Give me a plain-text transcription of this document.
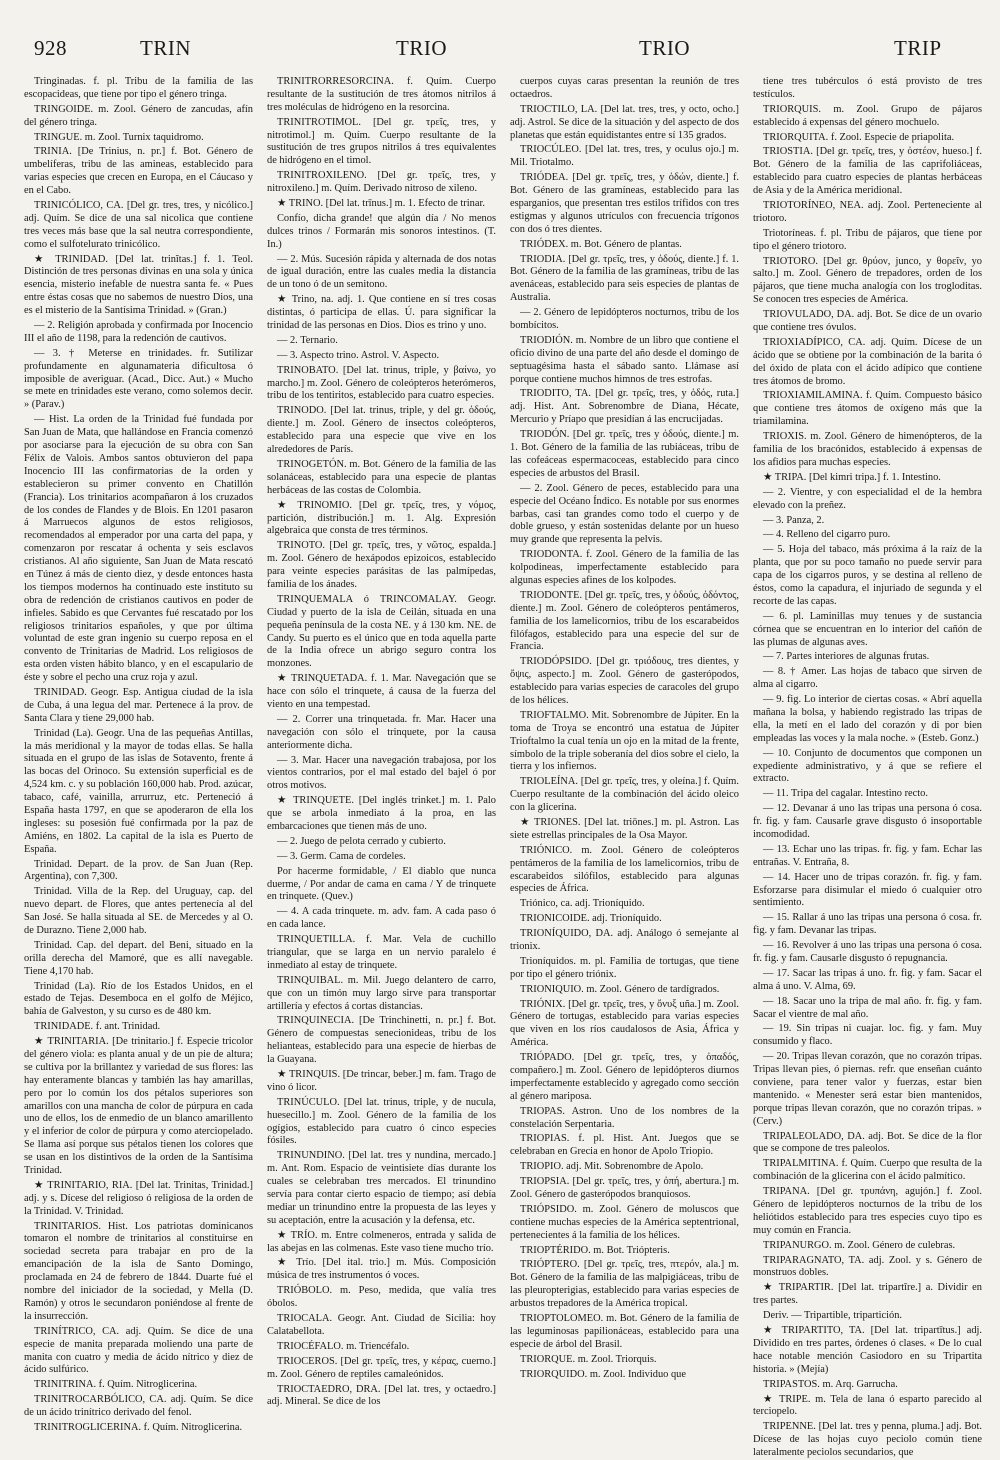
928	TRIN	TRIO	TRIO	TRIP

Tringinadas. f. pl. Tribu de la familia de las escopacideas, que tiene por tipo el género tringa.

TRINGOIDE. m. Zool. Género de zancudas, afín del género tringa.

TRINGUE. m. Zool. Turnix taquidromo.

TRINIA. [De Trinius, n. pr.] f. Bot. Género de umbelíferas, tribu de las amineas, establecido para varias especies que crecen en Europa, en el Cáucaso y en el Cabo.

TRINICÓLICO, CA. [Del gr. tres, tres, y nicólico.] adj. Quím. Se dice de una sal nicolica que contiene tres veces más base que la sal neutra correspondiente, como el sulfotelurato trinicólico.

★ TRINIDAD. [Del lat. trinĭtas.] f. 1. Teol. Distinción de tres personas divinas en una sola y única esencia, misterio inefable de nuestra santa fe. « Pues entre éstas cosas que no sabemos de nuestro Dios, una es el misterio de la Santísima Trinidad. » (Gran.)

— 2. Religión aprobada y confirmada por Inocencio III el año de 1198, para la redención de cautivos.

— 3. † Meterse en trinidades. fr. Sutilizar profundamente en algunamateria dificultosa ó imposible de averiguar. (Acad., Dicc. Aut.) « Mucho se mete en trinidades este verano, como solemos decir. » (Parav.)

— Hist. La orden de la Trinidad fué fundada por San Juan de Mata, que hallándose en Francia comenzó por asociarse para la ejecución de su obra con San Félix de Valois. Ambos santos obtuvieron del papa Inocencio III las confirmatorias de la orden y establecieron su primer convento en Chatillón (Francia). Los trinitarios acompañaron á los cruzados de los condes de Flandes y de Blois. En 1201 pasaron á Marruecos algunos de estos religiosos, recomendados al emperador por una carta del papa, y comenzaron por rescatar á ochenta y seis esclavos cristianos. Al año siguiente, San Juan de Mata rescató en Túnez á más de ciento diez, y desde entonces hasta los tiempos modernos ha continuado este instituto su obra de redención de cristianos cautivos en poder de infieles. Sabido es que Cervantes fué rescatado por los religiosos trinitarios españoles, y que por última voluntad de este gran ingenio su cuerpo reposa en el convento de Trinitarias de Madrid. Los religiosos de esta orden visten hábito blanco, y en el escapulario de éste y sobre el pecho una cruz roja y azul.

TRINIDAD. Geogr. Esp. Antigua ciudad de la isla de Cuba, á una legua del mar. Pertenece á la prov. de Santa Clara y tiene 29,000 hab.

Trinidad (La). Geogr. Una de las pequeñas Antillas, la más meridional y la mayor de todas ellas. Se halla situada en el grupo de las islas de Sotavento, frente á las bocas del Orinoco. Su extensión superficial es de 4,524 km. c. y su población 160,000 hab. Prod. azúcar, tabaco, café, vainilla, arrurruz, etc. Perteneció á España hasta 1797, en que se apoderaron de ella los ingleses: su posesión fué confirmada por la paz de Amiéns, en 1802. La capital de la isla es Puerto de España.

Trinidad. Depart. de la prov. de San Juan (Rep. Argentina), con 7,300.

Trinidad. Villa de la Rep. del Uruguay, cap. del nuevo depart. de Flores, que antes pertenecía al del San José. Se halla situada al SE. de Mercedes y al O. de Durazno. Tiene 2,000 hab.

Trinidad. Cap. del depart. del Beni, situado en la orilla derecha del Mamoré, que es allí navegable. Tiene 4,170 hab.

Trinidad (La). Río de los Estados Unidos, en el estado de Tejas. Desemboca en el golfo de Méjico, bahía de Galveston, y su curso es de 480 km.

TRINIDADE. f. ant. Trinidad.

★ TRINITARIA. [De trinitario.] f. Especie tricolor del género viola: es planta anual y de un pie de altura; se cultiva por la brillantez y variedad de sus flores: las hay enteramente blancas y también las hay amarillas, pero por lo común los dos pétalos superiores son amarillos con una mancha de color de púrpura en cada uno de ellos, los de enmedio de un blanco amarillento y el inferior de color de púrpura y como aterciopelado. Se llama así porque sus pétalos tienen los colores que se usan en los distintivos de la orden de la Santísima Trinidad.

★ TRINITARIO, RIA. [Del lat. Trinitas, Trinidad.] adj. y s. Dícese del religioso ó religiosa de la orden de la Trinidad. V. Trinidad.

TRINITARIOS. Hist. Los patriotas dominicanos tomaron el nombre de trinitarios al constituirse en sociedad secreta para trabajar en pro de la emancipación de la isla de Santo Domingo, proclamada en 24 de febrero de 1844. Duarte fué el nombre del iniciador de la sociedad, y Mella (D. Ramón) y otros le secundaron poniéndose al frente de la insurrección.

TRINÍTRICO, CA. adj. Quím. Se dice de una especie de manita preparada moliendo una parte de manita con cuatro y media de ácido nítrico y diez de ácido sulfúrico.

TRINITRINA. f. Quím. Nitroglicerina.

TRINITROCARBÓLICO, CA. adj. Quím. Se dice de un ácido trinítrico derivado del fenol.

TRINITROGLICERINA. f. Quím. Nitroglicerina.

TRINITRORRESORCINA. f. Quím. Cuerpo resultante de la sustitución de tres átomos nitrilos á tres moléculas de hidrógeno en la resorcina.

TRINITROTIMOL. [Del gr. τρεῖς, tres, y nitrotimol.] m. Quím. Cuerpo resultante de la sustitución de tres grupos nitrilos á tres equivalentes de hidrógeno en el timol.

TRINITROXILENO. [Del gr. τρεῖς, tres, y nitroxileno.] m. Quím. Derivado nitroso de xileno.

★ TRINO. [Del lat. trīnus.] m. 1. Efecto de trinar.

Confío, dicha grande! que algún día / No menos dulces trinos / Formarán mis sonoros intestinos. (T. In.)

— 2. Mús. Sucesión rápida y alternada de dos notas de igual duración, entre las cuales media la distancia de un tono ó de un semitono.

★ Trino, na. adj. 1. Que contiene en sí tres cosas distintas, ó participa de ellas. Ú. para significar la trinidad de las personas en Dios. Dios es trino y uno.

— 2. Ternario.

— 3. Aspecto trino. Astrol. V. Aspecto.

TRINOBATO. [Del lat. trinus, triple, y βαίνω, yo marcho.] m. Zool. Género de coleópteros heterómeros, tribu de los tentiritos, establecido para cuatro especies.

TRINODO. [Del lat. trinus, triple, y del gr. ὀδούς, diente.] m. Zool. Género de insectos coleópteros, establecido para una especie que vive en los alrededores de París.

TRINOGETÓN. m. Bot. Género de la familia de las solanáceas, establecido para una especie de plantas herbáceas de las costas de Colombia.

★ TRINOMIO. [Del gr. τρεῖς, tres, y νόμος, partición, distribución.] m. 1. Alg. Expresión algebraica que consta de tres términos.

TRINOTO. [Del gr. τρεῖς, tres, y νῶτος, espalda.] m. Zool. Género de hexápodos epizoicos, establecido para veinte especies parásitas de las palmípedas, familia de los ánades.

TRINQUEMALA ó TRINCOMALAY. Geogr. Ciudad y puerto de la isla de Ceilán, situada en una pequeña península de la costa NE. y á 130 km. NE. de Candy. Su puerto es el único que en toda aquella parte de la India ofrece un abrigo seguro contra los monzones.

★ TRINQUETADA. f. 1. Mar. Navegación que se hace con sólo el trinquete, á causa de la fuerza del viento en una tempestad.

— 2. Correr una trinquetada. fr. Mar. Hacer una navegación con sólo el trinquete, por la causa anteriormente dicha.

— 3. Mar. Hacer una navegación trabajosa, por los vientos contrarios, por el mal estado del bajel ó por otros motivos.

★ TRINQUETE. [Del inglés trinket.] m. 1. Palo que se arbola inmediato á la proa, en las embarcaciones que tienen más de uno.

— 2. Juego de pelota cerrado y cubierto.

— 3. Germ. Cama de cordeles.

Por hacerme formidable, / El diablo que nunca duerme, / Por andar de cama en cama / Y de trinquete en trinquete. (Quev.)

— 4. A cada trinquete. m. adv. fam. A cada paso ó en cada lance.

TRINQUETILLA. f. Mar. Vela de cuchillo triangular, que se larga en un nervio paralelo é inmediato al estay de trinquete.

TRINQUIBAL. m. Mil. Juego delantero de carro, que con un timón muy largo sirve para transportar artillería y efectos á cortas distancias.

TRINQUINECIA. [De Trinchinetti, n. pr.] f. Bot. Género de compuestas senecionideas, tribu de los helianteas, establecido para una especie de hierbas de la Guayana.

★ TRINQUIS. [De trincar, beber.] m. fam. Trago de vino ó licor.

TRINÚCULO. [Del lat. trinus, triple, y de nucula, huesecillo.] m. Zool. Género de la familia de los ogígios, establecido para cuatro ó cinco especies fósiles.

TRINUNDINO. [Del lat. tres y nundina, mercado.] m. Ant. Rom. Espacio de veintisiete días durante los cuales se celebraban tres mercados. El trinundino servía para contar cierto espacio de tiempo; así debía mediar un trinundino entre la propuesta de las leyes y su aceptación, entre la acusación y la defensa, etc.

★ TRÍO. m. Entre colmeneros, entrada y salida de las abejas en las colmenas. Este vaso tiene mucho trío.

★ Trío. [Del ital. trio.] m. Mús. Composición música de tres instrumentos ó voces.

TRIÓBOLO. m. Peso, medida, que valía tres óbolos.

TRIOCALA. Geogr. Ant. Ciudad de Sicilia: hoy Calatabellota.

TRIOCÉFALO. m. Triencéfalo.

TRIOCEROS. [Del gr. τρεῖς, tres, y κέρας, cuerno.] m. Zool. Género de reptiles camaleónidos.

TRIOCTAEDRO, DRA. [Del lat. tres, y octaedro.] adj. Mineral. Se dice de los

cuerpos cuyas caras presentan la reunión de tres octaedros.

TRIOCTILO, LA. [Del lat. tres, tres, y octo, ocho.] adj. Astrol. Se dice de la situación y del aspecto de dos planetas que están equidistantes entre sí 135 grados.

TRIOCÚLEO. [Del lat. tres, tres, y oculus ojo.] m. Mil. Triotalmo.

TRIÓDEA. [Del gr. τρεῖς, tres, y ὀδών, diente.] f. Bot. Género de las gramíneas, establecido para las esparganios, que presentan tres estilos trífidos con tres estigmas y algunos utrículos con frecuencia trígonos con dos ó tres dientes.

TRIÓDEX. m. Bot. Género de plantas.

TRIODIA. [Del gr. τρεῖς, tres, y ὀδούς, diente.] f. 1. Bot. Género de la familia de las gramíneas, tribu de las avenáceas, establecido para seis especies de plantas de Australia.

— 2. Género de lepidópteros nocturnos, tribu de los bombícitos.

TRIODIÓN. m. Nombre de un libro que contiene el oficio divino de una parte del año desde el domingo de septuagésima hasta el sábado santo. Llámase así porque contiene muchos himnos de tres estrofas.

TRIODITO, TA. [Del gr. τρεῖς, tres, y ὁδός, ruta.] adj. Hist. Ant. Sobrenombre de Diana, Hécate, Mercurio y Príapo que presidían á las encrucijadas.

TRIODÓN. [Del gr. τρεῖς, tres y ὀδούς, diente.] m. 1. Bot. Género de la familia de las rubiáceas, tribu de las cofeáceas espermacoceas, establecido para cinco especies de arbustos del Brasil.

— 2. Zool. Género de peces, establecido para una especie del Océano Índico. Es notable por sus enormes barbas, casi tan grandes como todo el cuerpo y de doble grueso, y están sostenidas delante por un hueso muy grande que representa la pelvis.

TRIODONTA. f. Zool. Género de la familia de las kolpodineas, imperfectamente establecido para algunas especies afines de los kolpodes.

TRIODONTE. [Del gr. τρεῖς, tres, y ὀδούς, ὀδόντος, diente.] m. Zool. Género de coleópteros pentámeros, familia de los lamelicornios, tribu de los escarabeidos filófagos, establecido para una especie del sur de Francia.

TRIODÓPSIDO. [Del gr. τριόδους, tres dientes, y ὄψις, aspecto.] m. Zool. Género de gasterópodos, establecido para varias especies de caracoles del grupo de los hélices.

TRIOFTALMO. Mit. Sobrenombre de Júpiter. En la toma de Troya se encontró una estatua de Júpiter Trioftalmo la cual tenía un ojo en la mitad de la frente, símbolo de la triple soberanía del dios sobre el cielo, la tierra y los infiernos.

TRIOLEÍNA. [Del gr. τρεῖς, tres, y oleína.] f. Quím. Cuerpo resultante de la combinación del ácido oleico con la glicerina.

★ TRIONES. [Del lat. triōnes.] m. pl. Astron. Las siete estrellas principales de la Osa Mayor.

TRIÓNICO. m. Zool. Género de coleópteros pentámeros de la familia de los lamelicornios, tribu de escarabeidos silófilos, establecido para algunas especies de África.

Triónico, ca. adj. Trioníquido.

TRIONICOIDE. adj. Trioníquido.

TRIONÍQUIDO, DA. adj. Análogo ó semejante al trionix.

Trioníquidos. m. pl. Familia de tortugas, que tiene por tipo el género triónix.

TRIONIQUIO. m. Zool. Género de tardígrados.

TRIÓNIX. [Del gr. τρεῖς, tres, y ὄνυξ uña.] m. Zool. Género de tortugas, establecido para varias especies que viven en los ríos caudalosos de Asia, África y América.

TRIÓPADO. [Del gr. τρεῖς, tres, y ὀπαδός, compañero.] m. Zool. Género de lepidópteros diurnos imperfectamente establecido y agregado como sección al género mariposa.

TRIOPAS. Astron. Uno de los nombres de la constelación Serpentaria.

TRIOPIAS. f. pl. Hist. Ant. Juegos que se celebraban en Grecia en honor de Apolo Triopio.

TRIOPIO. adj. Mit. Sobrenombre de Apolo.

TRIOPSIA. [Del gr. τρεῖς, tres, y ὀπή, abertura.] m. Zool. Género de gasterópodos branquiosos.

TRIÓPSIDO. m. Zool. Género de moluscos que contiene muchas especies de la América septentrional, pertenecientes á la familia de los hélices.

TRIOPTÉRIDO. m. Bot. Triópteris.

TRIÓPTERO. [Del gr. τρεῖς, tres, πτερόν, ala.] m. Bot. Género de la familia de las malpigiáceas, tribu de las pleuropterigias, establecido para varias especies de arbustos trepadores de la América tropical.

TRIOPTOLOMEO. m. Bot. Género de la familia de las leguminosas papilionáceas, establecido para una especie de árbol del Brasil.

TRIORQUE. m. Zool. Triorquis.

TRIORQUIDO. m. Zool. Individuo que

tiene tres tubérculos ó está provisto de tres testículos.

TRIORQUIS. m. Zool. Grupo de pájaros establecido á expensas del género mochuelo.

TRIORQUITA. f. Zool. Especie de priapolita.

TRIOSTIA. [Del gr. τρεῖς, tres, y ὀστέον, hueso.] f. Bot. Género de la familia de las caprifoliáceas, establecido para cuatro especies de plantas herbáceas de Asia y de la América meridional.

TRIOTORÍNEO, NEA. adj. Zool. Perteneciente al triotoro.

Triotoríneas. f. pl. Tribu de pájaros, que tiene por tipo el género triotoro.

TRIOTORO. [Del gr. θρύον, junco, y θορεῖν, yo salto.] m. Zool. Género de trepadores, orden de los pájaros, que tiene mucha analogía con los trogloditas. Se conocen tres especies de América.

TRIOVULADO, DA. adj. Bot. Se dice de un ovario que contiene tres óvulos.

TRIOXIADÍPICO, CA. adj. Quím. Dícese de un ácido que se obtiene por la combinación de la barita ó del óxido de plata con el ácido adípico que contiene tres átomos de bromo.

TRIOXIAMILAMINA. f. Quím. Compuesto básico que contiene tres átomos de oxígeno más que la triamilamina.

TRIOXIS. m. Zool. Género de himenópteros, de la familia de los bracónidos, establecido á expensas de los afidios para muchas especies.

★ TRIPA. [Del kimri tripa.] f. 1. Intestino.

— 2. Vientre, y con especialidad el de la hembra elevado con la preñez.

— 3. Panza, 2.

— 4. Relleno del cigarro puro.

— 5. Hoja del tabaco, más próxima á la raíz de la planta, que por su poco tamaño no puede servir para capa de los cigarros puros, y se destina al relleno de éstos, como la capadura, el injuriado de segunda y el recorte de las capas.

— 6. pl. Laminillas muy tenues y de sustancia córnea que se encuentran en lo interior del cañón de las plumas de algunas aves.

— 7. Partes interiores de algunas frutas.

— 8. † Amer. Las hojas de tabaco que sirven de alma al cigarro.

— 9. fig. Lo interior de ciertas cosas. « Abrí aquella mañana la bolsa, y habiendo registrado las tripas de ella, la metí en el lado del corazón y di por bien empleadas las voces y la mala noche. » (Esteb. Gonz.)

— 10. Conjunto de documentos que componen un expediente administrativo, y á que se refiere el extracto.

— 11. Tripa del cagalar. Intestino recto.

— 12. Devanar á uno las tripas una persona ó cosa. fr. fig. y fam. Causarle grave disgusto ó insoportable incomodidad.

— 13. Echar uno las tripas. fr. fig. y fam. Echar las entrañas. V. Entraña, 8.

— 14. Hacer uno de tripas corazón. fr. fig. y fam. Esforzarse para disimular el miedo ó cualquier otro sentimiento.

— 15. Rallar á uno las tripas una persona ó cosa. fr. fig. y fam. Devanar las tripas.

— 16. Revolver á uno las tripas una persona ó cosa. fr. fig. y fam. Causarle disgusto ó repugnancia.

— 17. Sacar las tripas á uno. fr. fig. y fam. Sacar el alma á uno. V. Alma, 69.

— 18. Sacar uno la tripa de mal año. fr. fig. y fam. Sacar el vientre de mal año.

— 19. Sin tripas ni cuajar. loc. fig. y fam. Muy consumido y flaco.

— 20. Tripas llevan corazón, que no corazón tripas. Tripas llevan pies, ó piernas. refr. que enseñan cuánto conviene, para tener valor y fuerzas, estar bien mantenido. « Menester será estar bien mantenidos, porque tripas llevan corazón, que no corazón tripas. » (Cerv.)

TRIPALEOLADO, DA. adj. Bot. Se dice de la flor que se compone de tres paleolos.

TRIPALMITINA. f. Quím. Cuerpo que resulta de la combinación de la glicerina con el ácido palmítico.

TRIPANA. [Del gr. τρυπάνη, agujón.] f. Zool. Género de lepidópteros nocturnos de la tribu de los heliótidos establecido para tres especies cuyo tipo es muy común en Francia.

TRIPANURGO. m. Zool. Género de culebras.

TRIPARAGNATO, TA. adj. Zool. y s. Género de monstruos dobles.

★ TRIPARTIR. [Del lat. tripartīre.] a. Dividir en tres partes.

Deriv. — Tripartible, tripartición.

★ TRIPARTITO, TA. [Del lat. tripartītus.] adj. Dividido en tres partes, órdenes ó clases. « De lo cual hace notable mención Casiodoro en su Tripartita historia. » (Mejía)

TRIPASTOS. m. Arq. Garrucha.

★ TRIPE. m. Tela de lana ó esparto parecido al terciopelo.

TRIPENNE. [Del lat. tres y penna, pluma.] adj. Bot. Dícese de las hojas cuyo peciolo común tiene lateralmente peciolos secundarios, que
